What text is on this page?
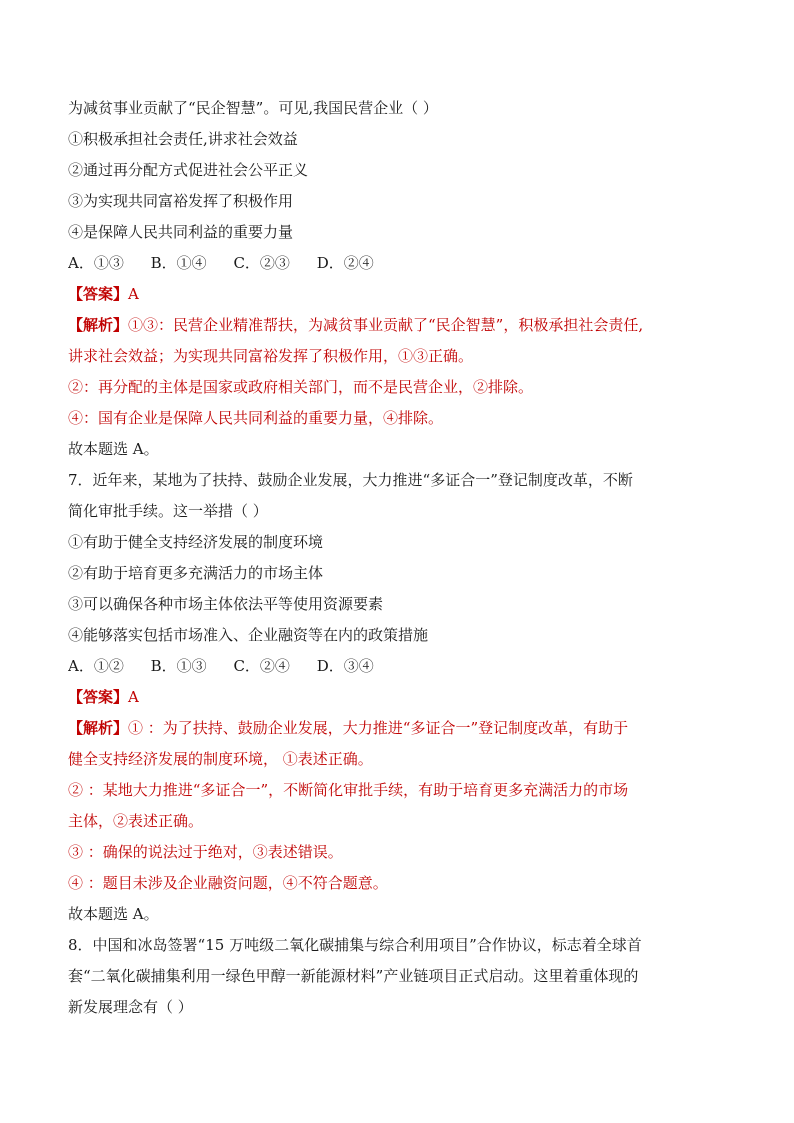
为减贫事业贡献了“民企智慧”。可见,我国民营企业（ ）
①积极承担社会责任,讲求社会效益
②通过再分配方式促进社会公平正义
③为实现共同富裕发挥了积极作用
④是保障人民共同利益的重要力量
A．①③ B．①④ C．②③ D．②④
【答案】A
【解析】①③：民营企业精准帮扶，为减贫事业贡献了“民企智慧”，积极承担社会责任,
讲求社会效益；为实现共同富裕发挥了积极作用，①③正确。
②：再分配的主体是国家或政府相关部门，而不是民营企业，②排除。
④：国有企业是保障人民共同利益的重要力量，④排除。
故本题选 A。
7．近年来，某地为了扶持、鼓励企业发展，大力推进“多证合一”登记制度改革，不断
简化审批手续。这一举措（ ）
①有助于健全支持经济发展的制度环境
②有助于培育更多充满活力的市场主体
③可以确保各种市场主体依法平等使用资源要素
④能够落实包括市场准入、企业融资等在内的政策措施
A．①② B．①③ C．②④ D．③④
【答案】A
【解析】① ：为了扶持、鼓励企业发展，大力推进“多证合一”登记制度改革，有助于
健全支持经济发展的制度环境， ①表述正确。
② ：某地大力推进“多证合一”，不断简化审批手续，有助于培育更多充满活力的市场
主体，②表述正确。
③ ：确保的说法过于绝对，③表述错误。
④ ：题目未涉及企业融资问题，④不符合题意。
故本题选 A。
8．中国和冰岛签署“15 万吨级二氧化碳捕集与综合利用项目”合作协议，标志着全球首
套“二氧化碳捕集利用一绿色甲醇一新能源材料”产业链项目正式启动。这里着重体现的
新发展理念有（ ）
